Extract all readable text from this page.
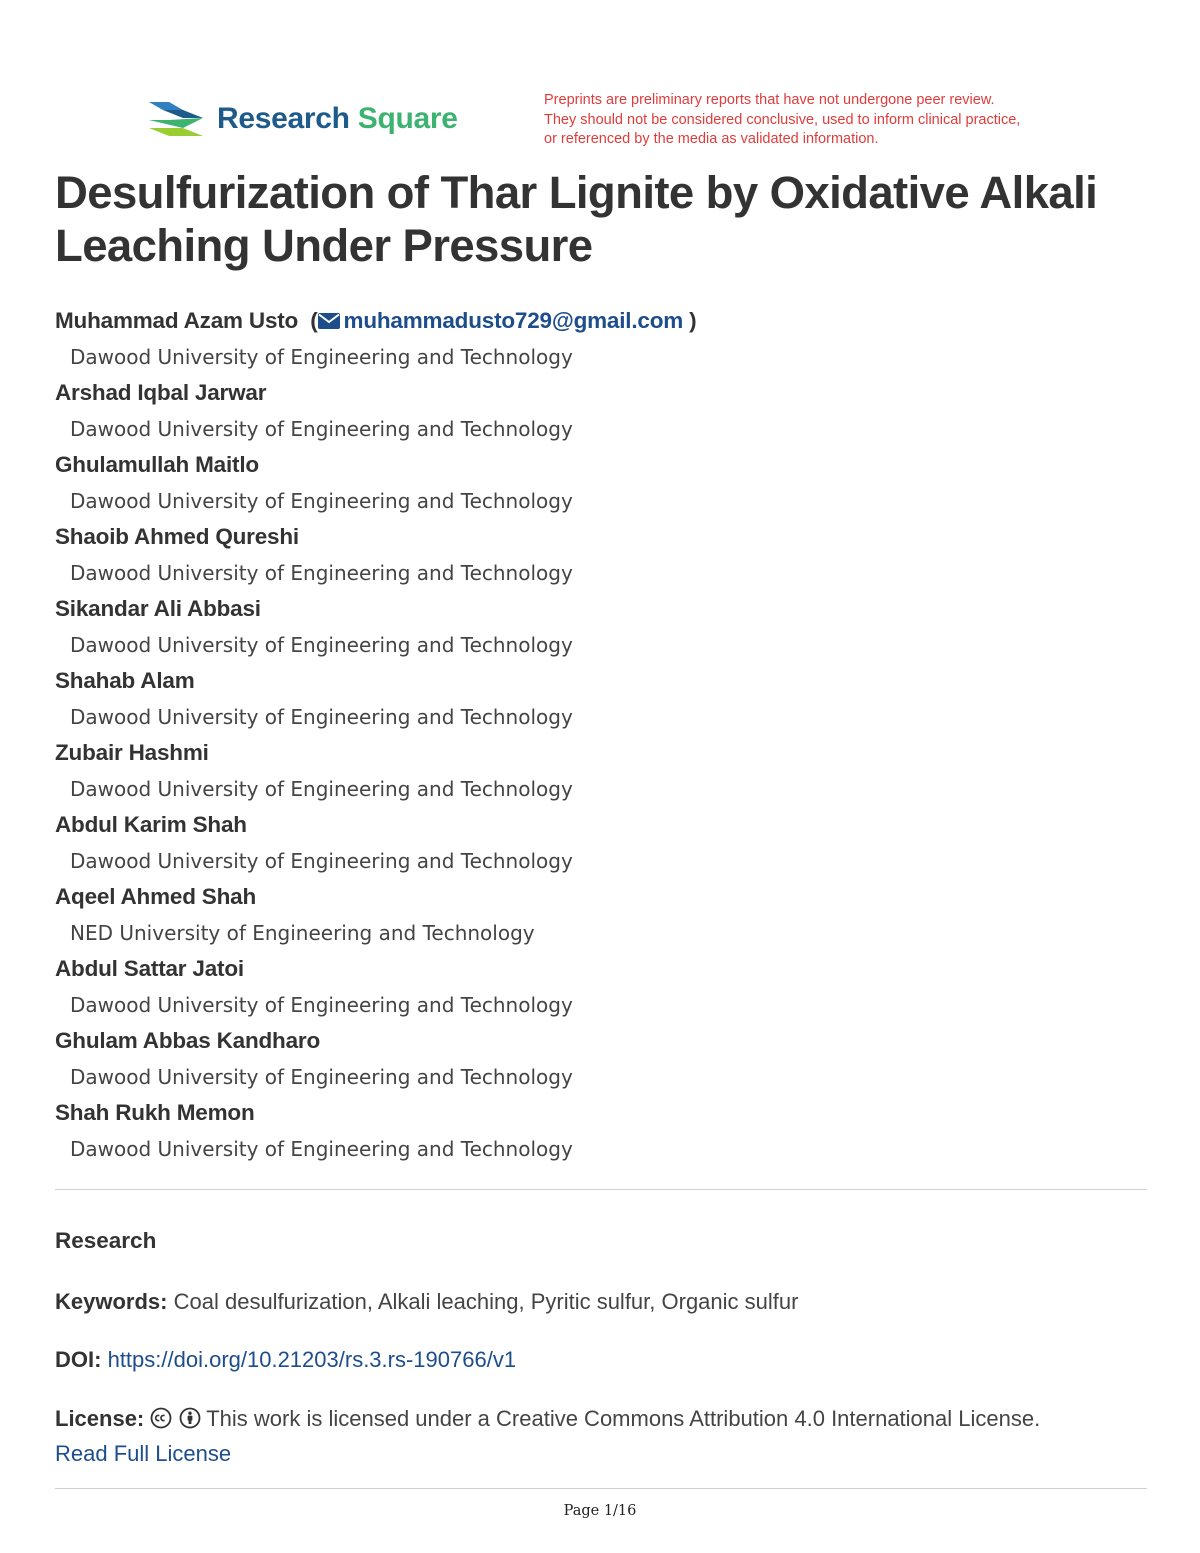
Research Square
Preprints are preliminary reports that have not undergone peer review.
They should not be considered conclusive, used to inform clinical practice,
or referenced by the media as validated information.
Desulfurization of Thar Lignite by Oxidative Alkali
Leaching Under Pressure
Muhammad Azam Usto  ( muhammadusto729@gmail.com )
Dawood University of Engineering and Technology
Arshad Iqbal Jarwar
Dawood University of Engineering and Technology
Ghulamullah Maitlo
Dawood University of Engineering and Technology
Shaoib Ahmed Qureshi
Dawood University of Engineering and Technology
Sikandar Ali Abbasi
Dawood University of Engineering and Technology
Shahab Alam
Dawood University of Engineering and Technology
Zubair Hashmi
Dawood University of Engineering and Technology
Abdul Karim Shah
Dawood University of Engineering and Technology
Aqeel Ahmed Shah
NED University of Engineering and Technology
Abdul Sattar Jatoi
Dawood University of Engineering and Technology
Ghulam Abbas Kandharo
Dawood University of Engineering and Technology
Shah Rukh Memon
Dawood University of Engineering and Technology
Research
Keywords: Coal desulfurization, Alkali leaching, Pyritic sulfur, Organic sulfur
DOI: https://doi.org/10.21203/rs.3.rs-190766/v1
License:	This work is licensed under a Creative Commons Attribution 4.0 International License.
Read Full License
Page 1/16
